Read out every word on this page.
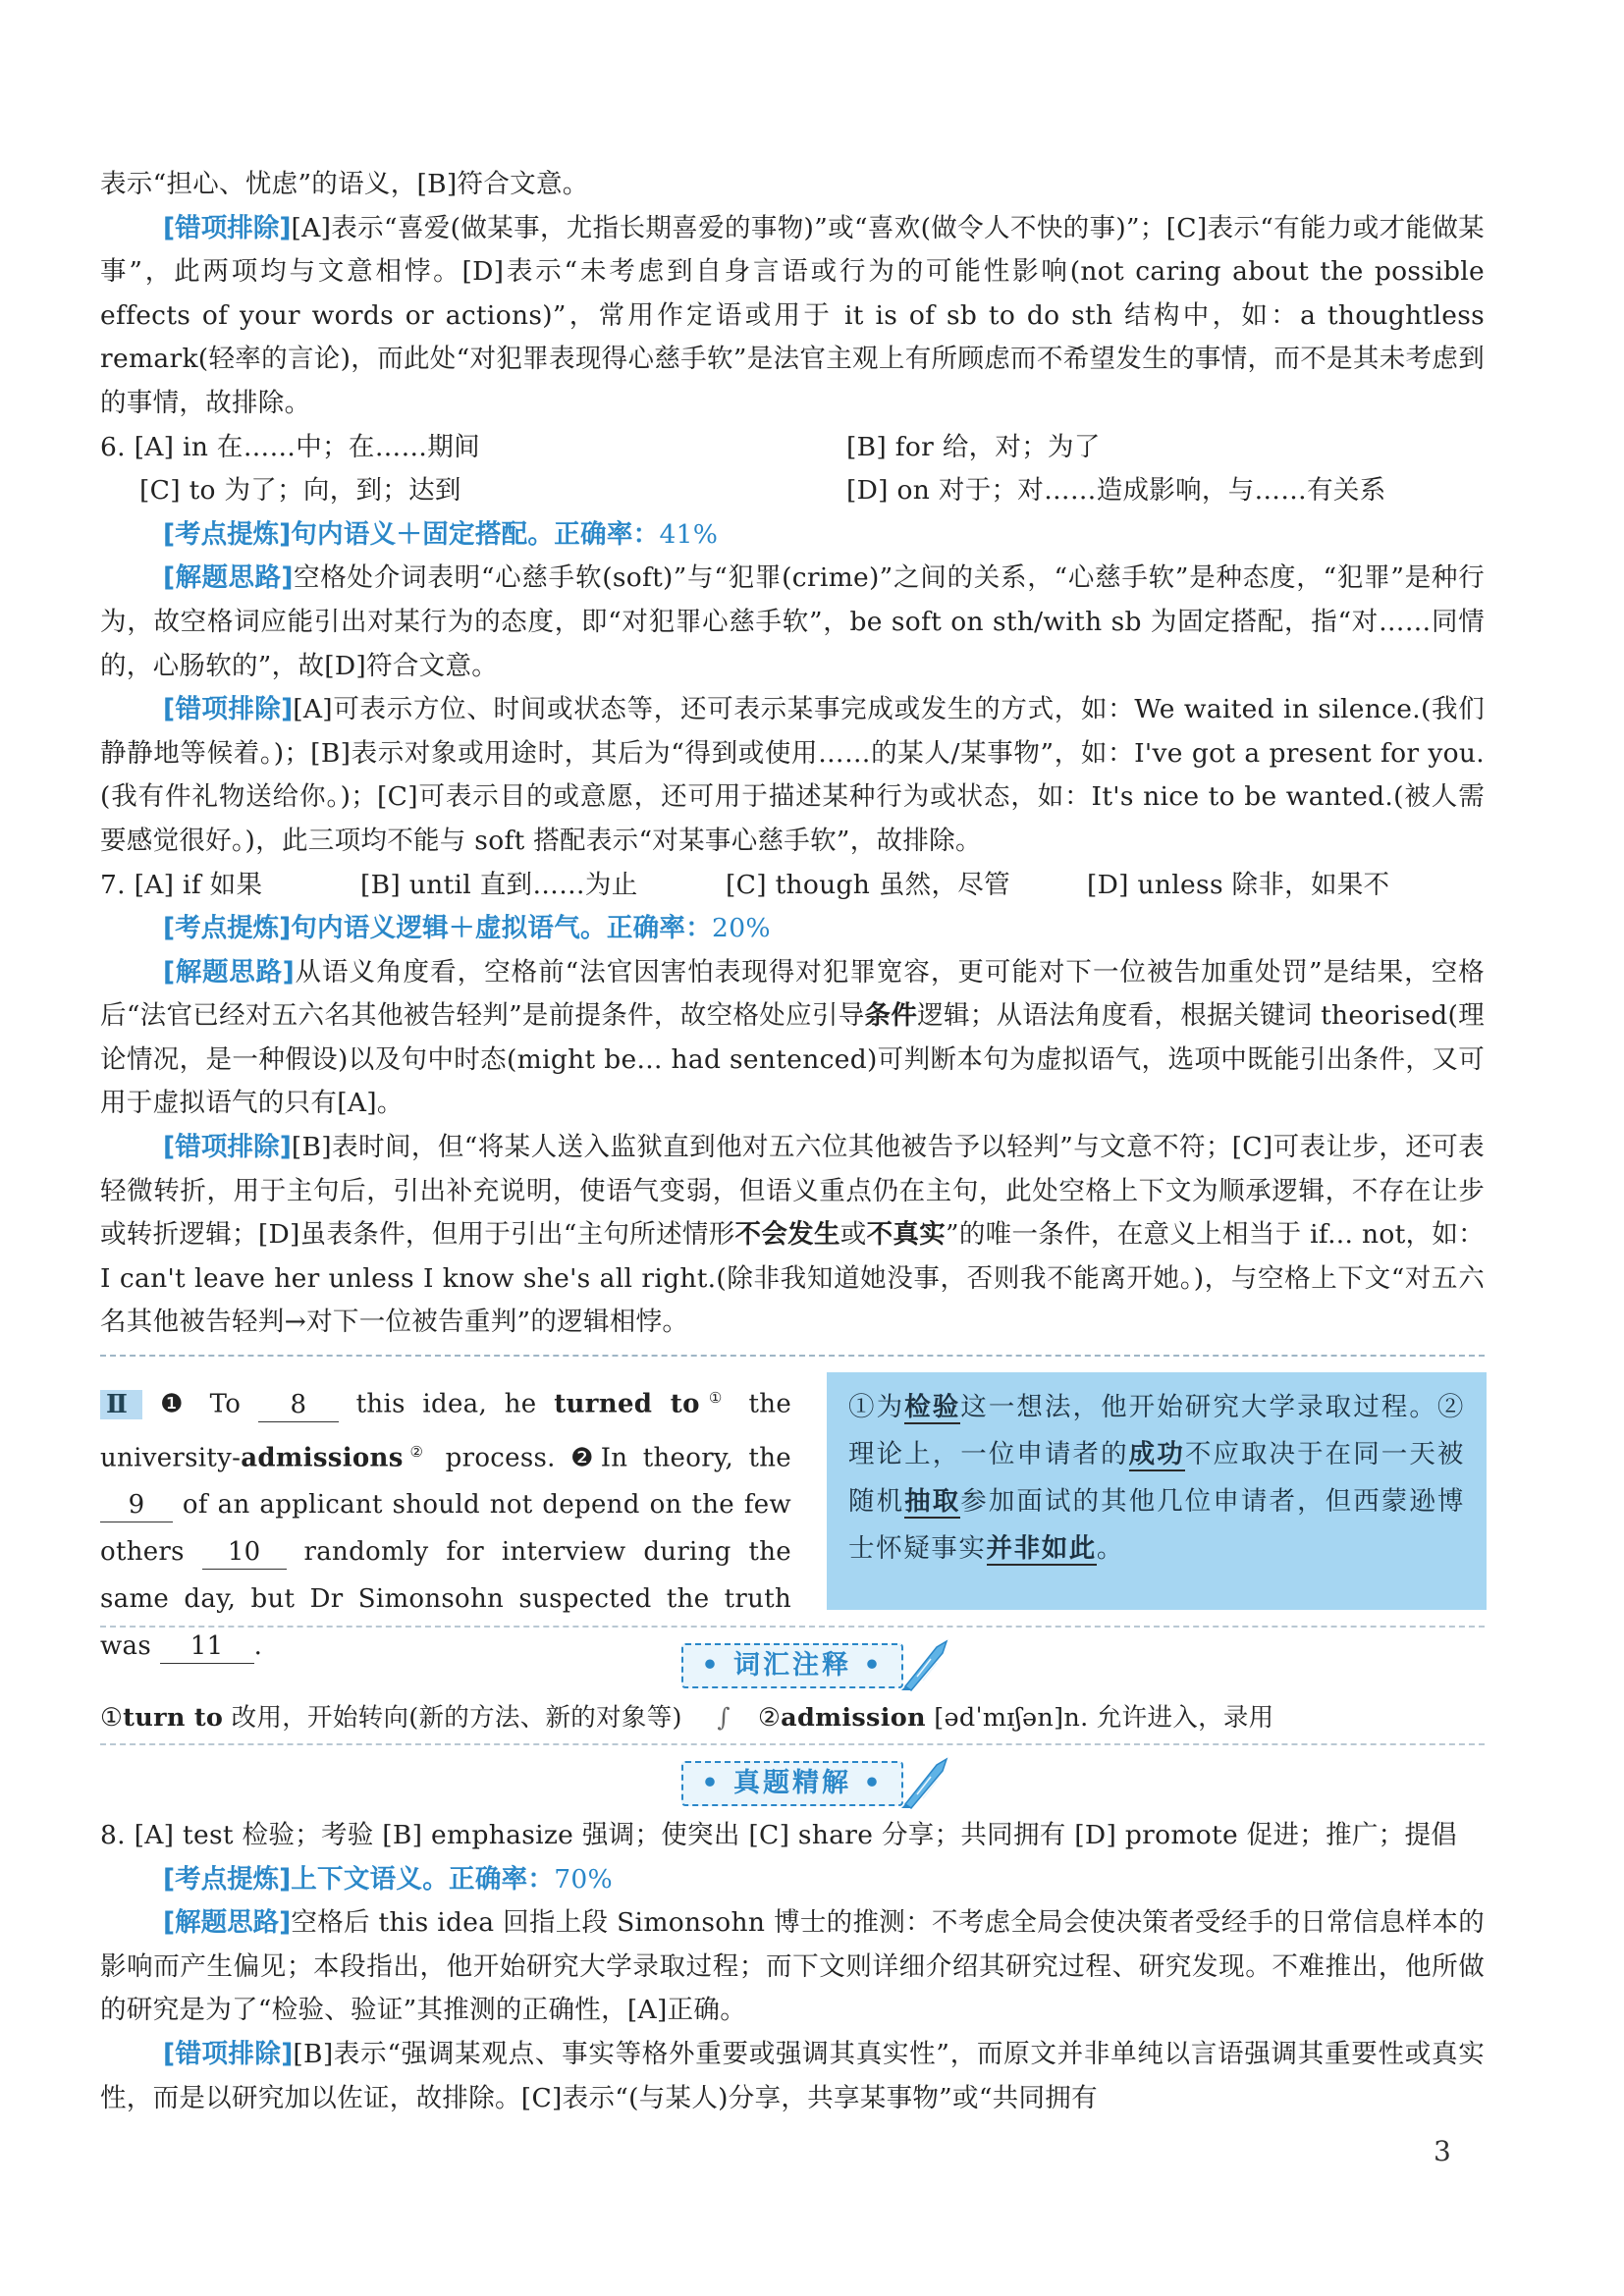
表示“担心、忧虑”的语义，[B]符合文意。

[错项排除][A]表示“喜爱(做某事，尤指长期喜爱的事物)”或“喜欢(做令人不快的事)”；[C]表示“有能力或才能做某事”，此两项均与文意相悖。[D]表示“未考虑到自身言语或行为的可能性影响(not caring about the possible effects of your words or actions)”，常用作定语或用于 it is of sb to do sth 结构中，如：a thoughtless remark(轻率的言论)，而此处“对犯罪表现得心慈手软”是法官主观上有所顾虑而不希望发生的事情，而不是其未考虑到的事情，故排除。

6. [A] in 在……中；在……期间	[B] for 给，对；为了
[C] to 为了；向，到；达到	[D] on 对于；对……造成影响，与……有关系

[考点提炼]句内语义＋固定搭配。正确率：41%

[解题思路]空格处介词表明“心慈手软(soft)”与“犯罪(crime)”之间的关系，“心慈手软”是种态度，“犯罪”是种行为，故空格词应能引出对某行为的态度，即“对犯罪心慈手软”，be soft on sth/with sb 为固定搭配，指“对……同情的，心肠软的”，故[D]符合文意。

[错项排除][A]可表示方位、时间或状态等，还可表示某事完成或发生的方式，如：We waited in silence.(我们静静地等候着。)；[B]表示对象或用途时，其后为“得到或使用……的某人/某事物”，如：I've got a present for you.(我有件礼物送给你。)；[C]可表示目的或意愿，还可用于描述某种行为或状态，如：It's nice to be wanted.(被人需要感觉很好。)，此三项均不能与 soft 搭配表示“对某事心慈手软”，故排除。

7. [A] if 如果	[B] until 直到……为止	[C] though 虽然，尽管	[D] unless 除非，如果不

[考点提炼]句内语义逻辑＋虚拟语气。正确率：20%

[解题思路]从语义角度看，空格前“法官因害怕表现得对犯罪宽容，更可能对下一位被告加重处罚”是结果，空格后“法官已经对五六名其他被告轻判”是前提条件，故空格处应引导条件逻辑；从语法角度看，根据关键词 theorised(理论情况，是一种假设)以及句中时态(might be... had sentenced)可判断本句为虚拟语气，选项中既能引出条件，又可用于虚拟语气的只有[A]。

[错项排除][B]表时间，但“将某人送入监狱直到他对五六位其他被告予以轻判”与文意不符；[C]可表让步，还可表轻微转折，用于主句后，引出补充说明，使语气变弱，但语义重点仍在主句，此处空格上下文为顺承逻辑，不存在让步或转折逻辑；[D]虽表条件，但用于引出“主句所述情形不会发生或不真实”的唯一条件，在意义上相当于 if... not，如：I can't leave her unless I know she's all right.(除非我知道她没事，否则我不能离开她。)，与空格上下文“对五六名其他被告轻判→对下一位被告重判”的逻辑相悖。

Ⅱ ❶ To 8 this idea, he turned to① the university-admissions② process. ❷In theory, the 9 of an applicant should not depend on the few others 10 randomly for interview during the same day, but Dr Simonsohn suspected the truth was 11 .
①为检验这一想法，他开始研究大学录取过程。②理论上，一位申请者的成功不应取决于在同一天被随机抽取参加面试的其他几位申请者，但西蒙逊博士怀疑事实并非如此。
• 词汇注释 •
①turn to 改用，开始转向(新的方法、新的对象等)	∫	②admission [ədˈmɪʃən]n. 允许进入，录用
• 真题精解 •

8. [A] test 检验；考验 [B] emphasize 强调；使突出 [C] share 分享；共同拥有 [D] promote 促进；推广；提倡

[考点提炼]上下文语义。正确率：70%

[解题思路]空格后 this idea 回指上段 Simonsohn 博士的推测：不考虑全局会使决策者受经手的日常信息样本的影响而产生偏见；本段指出，他开始研究大学录取过程；而下文则详细介绍其研究过程、研究发现。不难推出，他所做的研究是为了“检验、验证”其推测的正确性，[A]正确。

[错项排除][B]表示“强调某观点、事实等格外重要或强调其真实性”，而原文并非单纯以言语强调其重要性或真实性，而是以研究加以佐证，故排除。[C]表示“(与某人)分享，共享某事物”或“共同拥有

3
